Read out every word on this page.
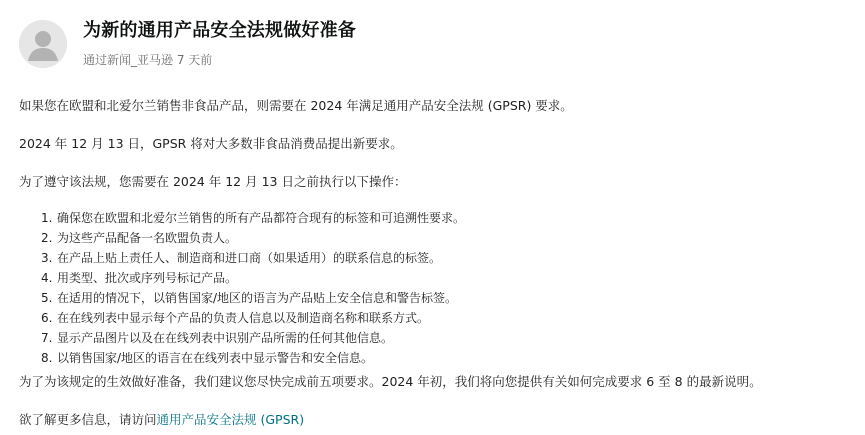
为新的通用产品安全法规做好准备
通过新闻_亚马逊 7 天前
如果您在欧盟和北爱尔兰销售非食品产品，则需要在 2024 年满足通用产品安全法规 (GPSR) 要求。
2024 年 12 月 13 日，GPSR 将对大多数非食品消费品提出新要求。
为了遵守该法规，您需要在 2024 年 12 月 13 日之前执行以下操作：
1. 确保您在欧盟和北爱尔兰销售的所有产品都符合现有的标签和可追溯性要求。
2. 为这些产品配备一名欧盟负责人。
3. 在产品上贴上责任人、制造商和进口商（如果适用）的联系信息的标签。
4. 用类型、批次或序列号标记产品。
5. 在适用的情况下，以销售国家/地区的语言为产品贴上安全信息和警告标签。
6. 在在线列表中显示每个产品的负责人信息以及制造商名称和联系方式。
7. 显示产品图片以及在在线列表中识别产品所需的任何其他信息。
8. 以销售国家/地区的语言在在线列表中显示警告和安全信息。
为了为该规定的生效做好准备，我们建议您尽快完成前五项要求。2024 年初，我们将向您提供有关如何完成要求 6 至 8 的最新说明。
欲了解更多信息，请访问通用产品安全法规 (GPSR)
